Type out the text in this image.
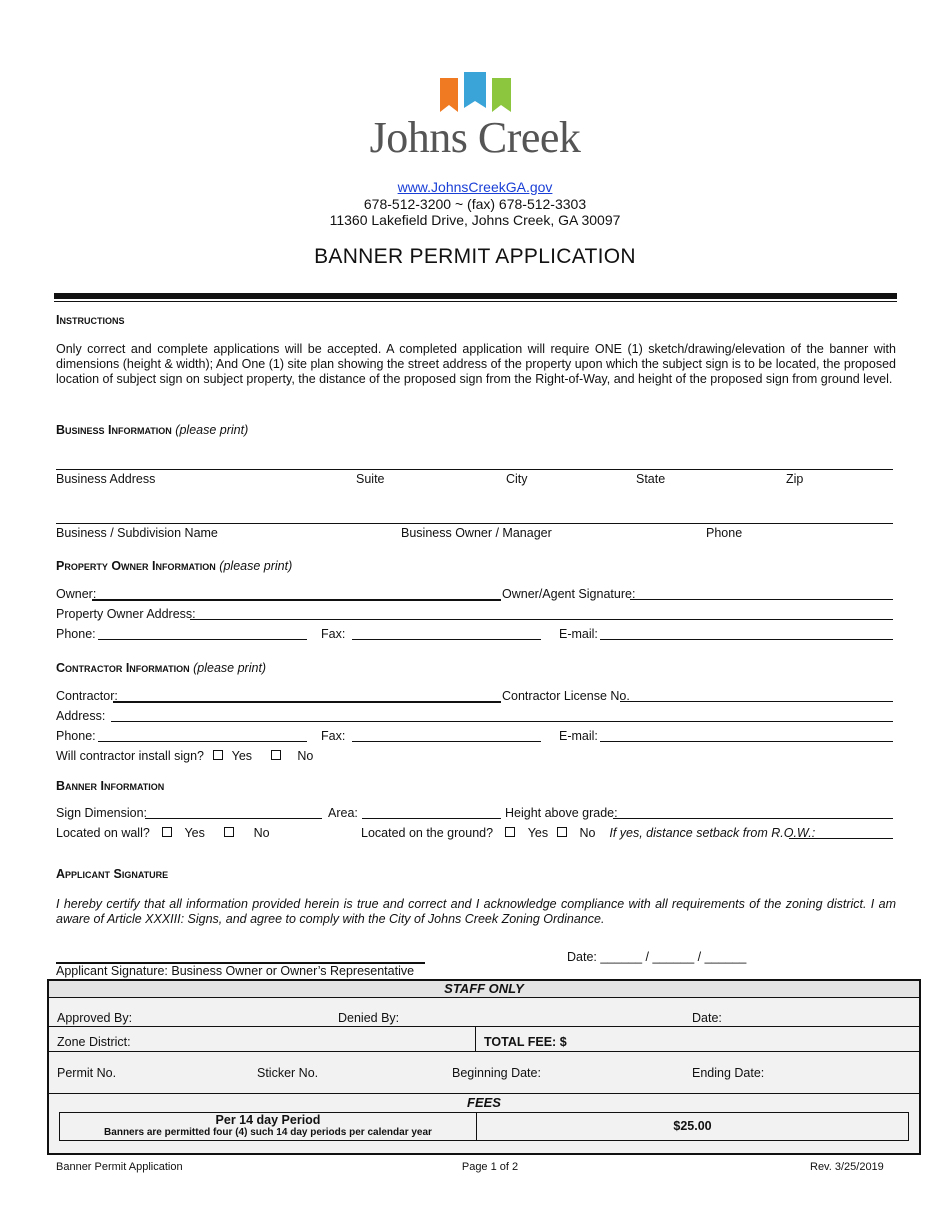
Johns Creek
www.JohnsCreekGA.gov
678-512-3200 ~ (fax) 678-512-3303
11360 Lakefield Drive, Johns Creek, GA 30097
BANNER PERMIT APPLICATION
Instructions
Only correct and complete applications will be accepted. A completed application will require ONE (1) sketch/drawing/elevation of the banner with dimensions (height & width); And One (1) site plan showing the street address of the property upon which the subject sign is to be located, the proposed location of subject sign on subject property, the distance of the proposed sign from the Right-of-Way, and height of the proposed sign from ground level.
Business Information (please print)
Business Address	Suite	City	State	Zip
Business / Subdivision Name	Business Owner / Manager	Phone
Property Owner Information (please print)
Owner:	Owner/Agent Signature:
Property Owner Address:
Phone:	Fax:	E-mail:
Contractor Information (please print)
Contractor:	Contractor License No.
Address:
Phone:	Fax:	E-mail:
Will contractor install sign? Yes	No
Banner Information
Sign Dimension:	Area:	Height above grade:
Located on wall?	Yes	No	Located on the ground?	Yes	No If yes, distance setback from R.O.W.:
Applicant Signature
I hereby certify that all information provided herein is true and correct and I acknowledge compliance with all requirements of the zoning district. I am aware of Article XXXIII: Signs, and agree to comply with the City of Johns Creek Zoning Ordinance.
Date: ______ / ______ / ______
Applicant Signature: Business Owner or Owner’s Representative
STAFF ONLY
Approved By:	Denied By:	Date:
Zone District:	TOTAL FEE: $
Permit No.	Sticker No.	Beginning Date:	Ending Date:
FEES
Per 14 day Period
Banners are permitted four (4) such 14 day periods per calendar year	$25.00
Banner Permit Application	Page 1 of 2	Rev. 3/25/2019
